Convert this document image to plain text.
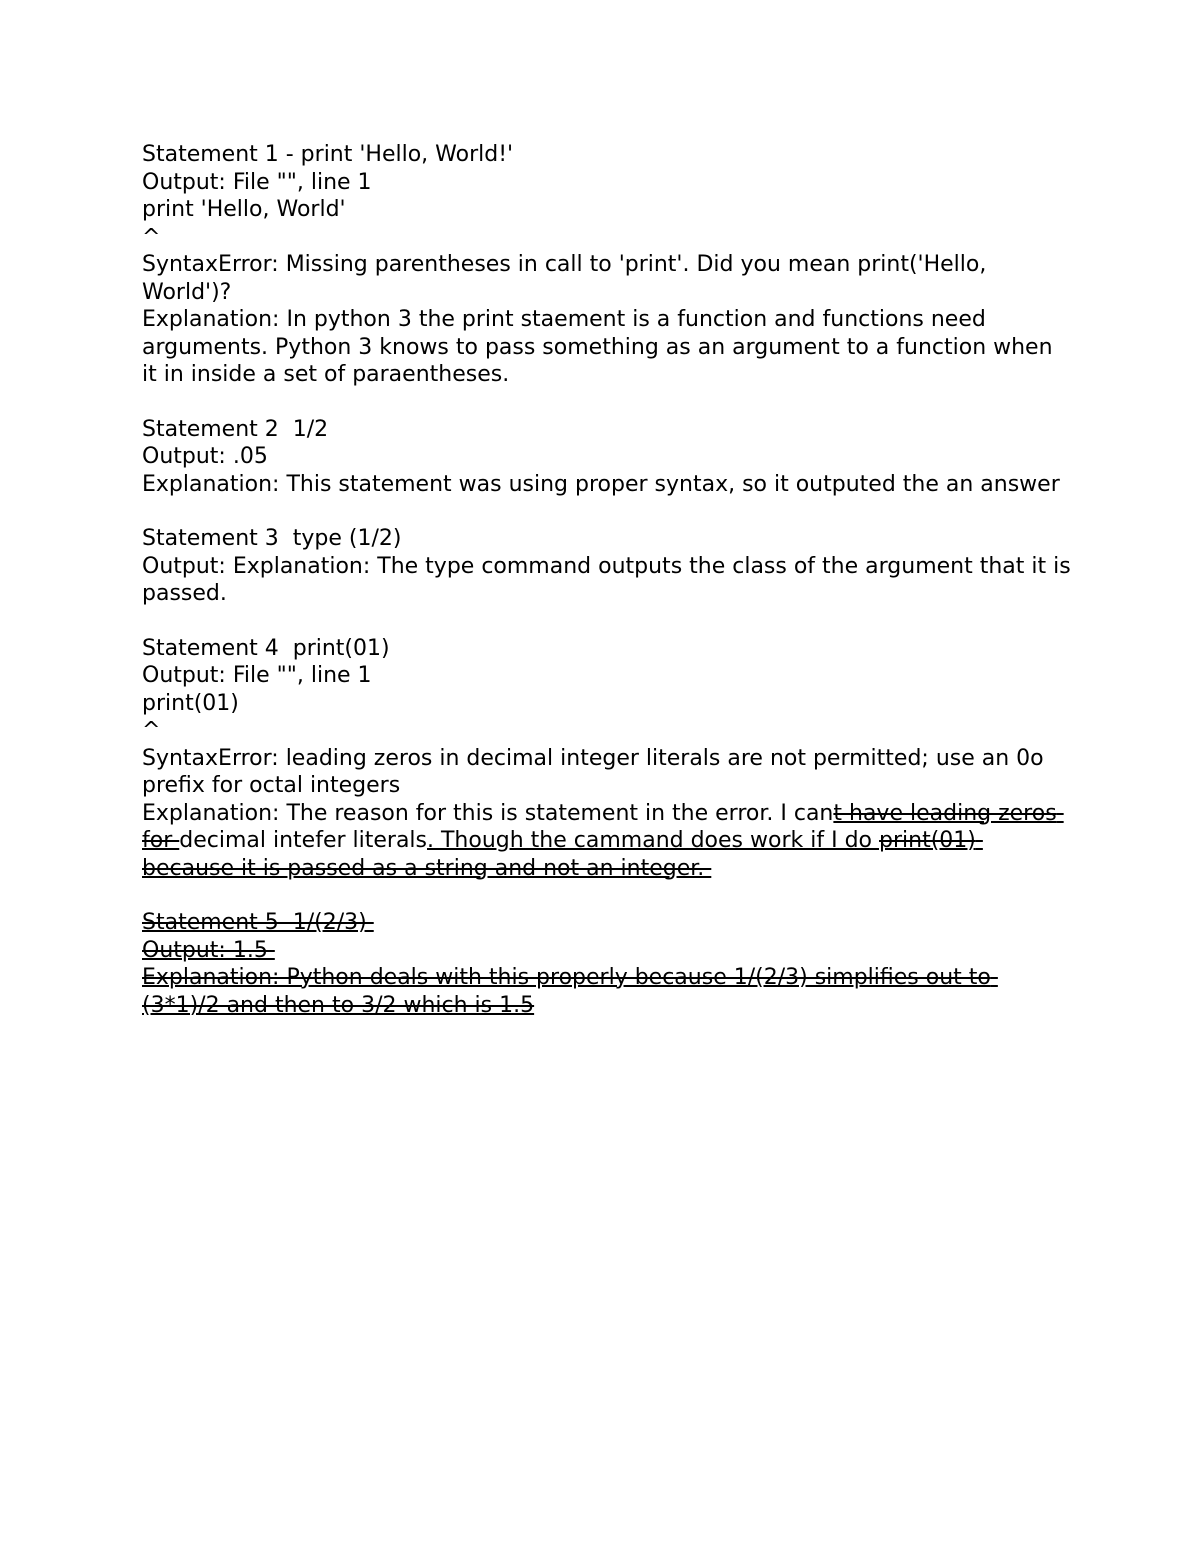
Statement 1 - print 'Hello, World!'
Output: File "", line 1
print 'Hello, World'
^
SyntaxError: Missing parentheses in call to 'print'. Did you mean print('Hello, World')?
Explanation: In python 3 the print staement is a function and functions need arguments. Python 3 knows to pass something as an argument to a function when it in inside a set of paraentheses.
Statement 2  1/2
Output: .05
Explanation: This statement was using proper syntax, so it outputed the an answer
Statement 3  type (1/2)
Output: Explanation: The type command outputs the class of the argument that it is passed.
Statement 4  print(01)
Output: File "", line 1
print(01)
^
SyntaxError: leading zeros in decimal integer literals are not permitted; use an 0o prefix for octal integers
Explanation: The reason for this is statement in the error. I cant have leading zeros for decimal intefer literals. Though the cammand does work if I do print(01) because it is passed as a string and not an integer.
Statement 5  1/(2/3)
Output: 1.5
Explanation: Python deals with this properly because 1/(2/3) simplifies out to (3*1)/2 and then to 3/2 which is 1.5
